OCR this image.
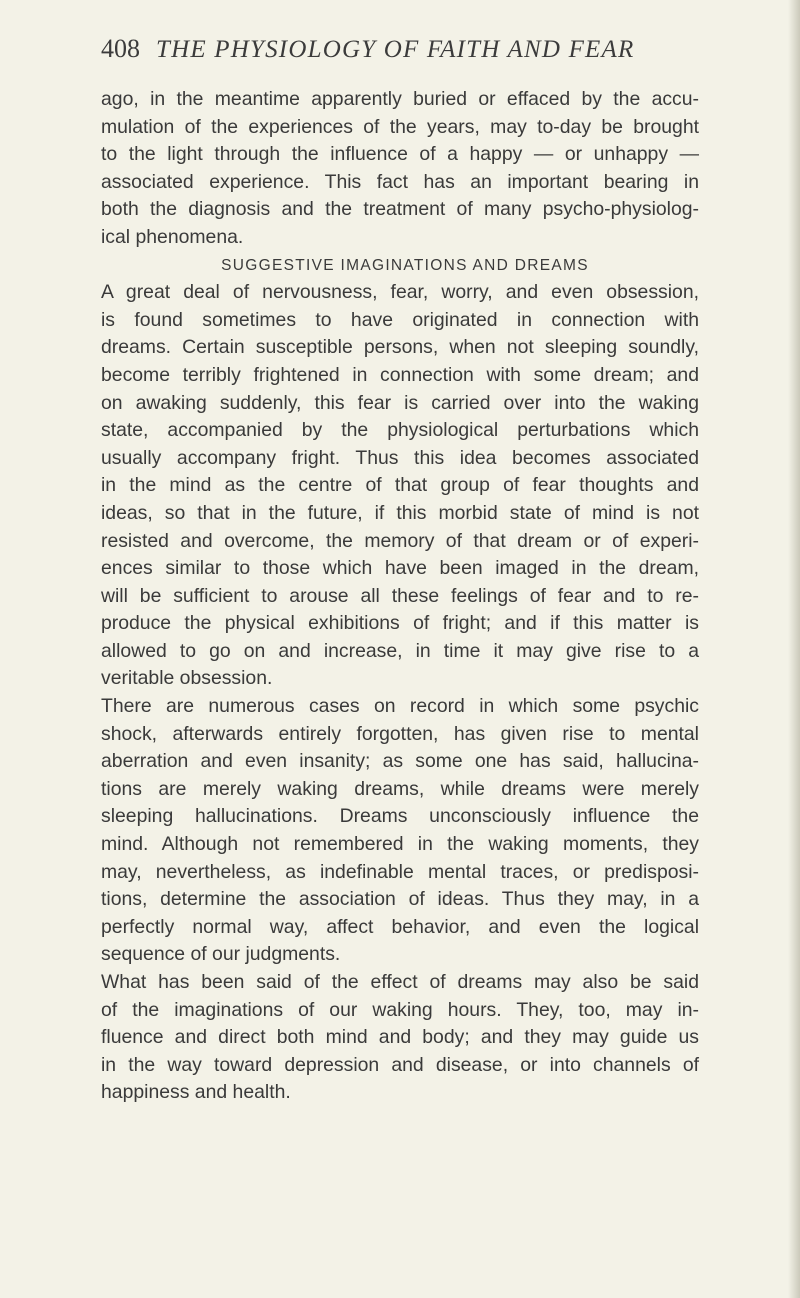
408 THE PHYSIOLOGY OF FAITH AND FEAR
ago, in the meantime apparently buried or effaced by the accu-
mulation of the experiences of the years, may to-day be brought
to the light through the influence of a happy — or unhappy —
associated experience. This fact has an important bearing in
both the diagnosis and the treatment of many psycho-physiolog-
ical phenomena.
SUGGESTIVE IMAGINATIONS AND DREAMS
A great deal of nervousness, fear, worry, and even obsession,
is found sometimes to have originated in connection with
dreams. Certain susceptible persons, when not sleeping soundly,
become terribly frightened in connection with some dream; and
on awaking suddenly, this fear is carried over into the waking
state, accompanied by the physiological perturbations which
usually accompany fright. Thus this idea becomes associated
in the mind as the centre of that group of fear thoughts and
ideas, so that in the future, if this morbid state of mind is not
resisted and overcome, the memory of that dream or of experi-
ences similar to those which have been imaged in the dream,
will be sufficient to arouse all these feelings of fear and to re-
produce the physical exhibitions of fright; and if this matter is
allowed to go on and increase, in time it may give rise to a
veritable obsession.
There are numerous cases on record in which some psychic
shock, afterwards entirely forgotten, has given rise to mental
aberration and even insanity; as some one has said, hallucina-
tions are merely waking dreams, while dreams were merely
sleeping hallucinations. Dreams unconsciously influence the
mind. Although not remembered in the waking moments, they
may, nevertheless, as indefinable mental traces, or predisposi-
tions, determine the association of ideas. Thus they may, in a
perfectly normal way, affect behavior, and even the logical
sequence of our judgments.
What has been said of the effect of dreams may also be said
of the imaginations of our waking hours. They, too, may in-
fluence and direct both mind and body; and they may guide us
in the way toward depression and disease, or into channels of
happiness and health.
